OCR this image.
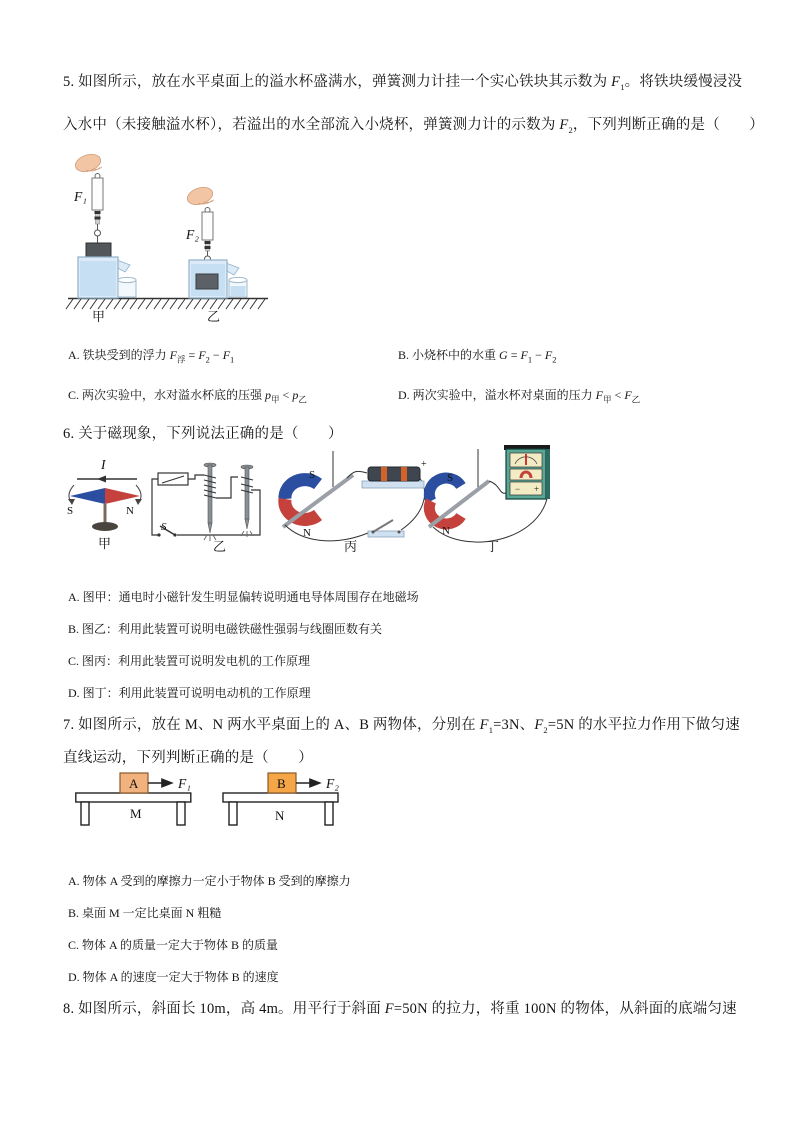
5. 如图所示，放在水平桌面上的溢水杯盛满水，弹簧测力计挂一个实心铁块其示数为 $F_1$。将铁块缓慢浸没
入水中（未接触溢水杯），若溢出的水全部流入小烧杯，弹簧测力计的示数为 $F_2$，下列判断正确的是（　　）
F₁
甲
F₂
乙
A. 铁块受到的浮力 $F_浮 = F_2 - F_1$	B. 小烧杯中的水重 $G = F_1 - F_2$
C. 两次实验中，水对溢水杯底的压强 $p_甲 < p_乙$	D. 两次实验中，溢水杯对桌面的压力 $F_甲 < F_乙$
6. 关于磁现象，下列说法正确的是（　　）
I
S	N
甲
S
乙
S
N
+
丙
S
N
− +
丁
A. 图甲：通电时小磁针发生明显偏转说明通电导体周围存在地磁场
B. 图乙：利用此装置可说明电磁铁磁性强弱与线圈匝数有关
C. 图丙：利用此装置可说明发电机的工作原理
D. 图丁：利用此装置可说明电动机的工作原理
7. 如图所示，放在 M、N 两水平桌面上的 A、B 两物体，分别在 $F_1=3N$、$F_2=5N$ 的水平拉力作用下做匀速
直线运动，下列判断正确的是（　　）
M
A	F₁
N
B	F₂
A. 物体 A 受到的摩擦力一定小于物体 B 受到的摩擦力
B. 桌面 M 一定比桌面 N 粗糙
C. 物体 A 的质量一定大于物体 B 的质量
D. 物体 A 的速度一定大于物体 B 的速度
8. 如图所示，斜面长 10m，高 4m。用平行于斜面 F=50N 的拉力，将重 100N 的物体，从斜面的底端匀速
